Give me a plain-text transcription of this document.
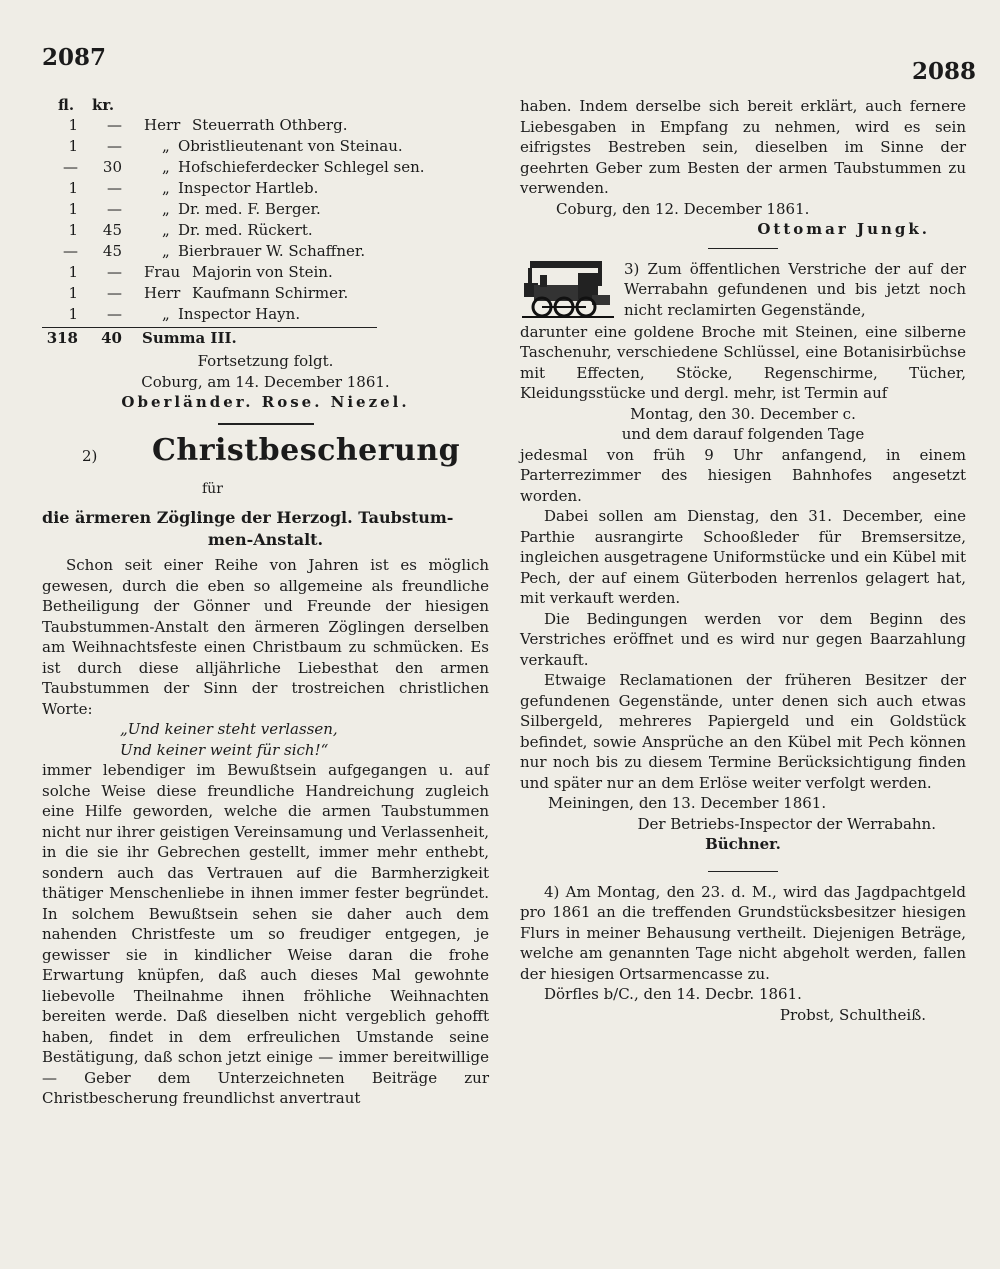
2087
2088
fl. kr.
1	— Herr Steuerrath Othberg.
1	—	„ Obristlieutenant von Steinau.
—	30	„ Hofschieferdecker Schlegel sen.
1	—	„ Inspector Hartleb.
1	—	„ Dr. med. F. Berger.
1	45	„ Dr. med. Rückert.
—	45	„ Bierbrauer W. Schaffner.
1	— Frau Majorin von Stein.
1	— Herr Kaufmann Schirmer.
1	—	„ Inspector Hayn.
318	40 Summa III.

Fortsetzung folgt.

Coburg, am 14. December 1861.

Oberländer. Rose. Niezel.

2) Christbescherung

für

die ärmeren Zöglinge der Herzogl. Taubstum-

men-Anstalt.

Schon seit einer Reihe von Jahren ist es möglich gewesen, durch die eben so allgemeine als freundliche Betheiligung der Gönner und Freunde der hiesigen Taubstummen-Anstalt den ärmeren Zöglingen derselben am Weihnachtsfeste einen Christbaum zu schmücken. Es ist durch diese alljährliche Liebesthat den armen Taubstummen der Sinn der trostreichen christlichen Worte:

„Und keiner steht verlassen,

Und keiner weint für sich!“

immer lebendiger im Bewußtsein aufgegangen u. auf solche Weise diese freundliche Handreichung zugleich eine Hilfe geworden, welche die armen Taubstummen nicht nur ihrer geistigen Vereinsamung und Verlassenheit, in die sie ihr Gebrechen gestellt, immer mehr enthebt, sondern auch das Vertrauen auf die Barmherzigkeit thätiger Menschenliebe in ihnen immer fester begründet. In solchem Bewußtsein sehen sie daher auch dem nahenden Christfeste um so freudiger entgegen, je gewisser sie in kindlicher Weise daran die frohe Erwartung knüpfen, daß auch dieses Mal gewohnte liebevolle Theilnahme ihnen fröhliche Weihnachten bereiten werde. Daß dieselben nicht vergeblich gehofft haben, findet in dem erfreulichen Umstande seine Bestätigung, daß schon jetzt einige — immer bereitwillige — Geber dem Unterzeichneten Beiträge zur Christbescherung freundlichst anvertraut

haben. Indem derselbe sich bereit erklärt, auch fernere Liebesgaben in Empfang zu nehmen, wird es sein eifrigstes Bestreben sein, dieselben im Sinne der geehrten Geber zum Besten der armen Taubstummen zu verwenden.

Coburg, den 12. December 1861.

Ottomar Jungk.

3) Zum öffentlichen Verstriche der auf der Werrabahn gefundenen und bis jetzt noch nicht reclamirten Gegenstände,

darunter eine goldene Broche mit Steinen, eine silberne Taschenuhr, verschiedene Schlüssel, eine Botanisirbüchse mit Effecten, Stöcke, Regenschirme, Tücher, Kleidungsstücke und dergl. mehr, ist Termin auf

Montag, den 30. December c.

und dem darauf folgenden Tage

jedesmal von früh 9 Uhr anfangend, in einem Parterrezimmer des hiesigen Bahnhofes angesetzt worden.

Dabei sollen am Dienstag, den 31. December, eine Parthie ausrangirte Schooßleder für Bremsersitze, ingleichen ausgetragene Uniformstücke und ein Kübel mit Pech, der auf einem Güterboden herrenlos gelagert hat, mit verkauft werden.

Die Bedingungen werden vor dem Beginn des Verstriches eröffnet und es wird nur gegen Baarzahlung verkauft.

Etwaige Reclamationen der früheren Besitzer der gefundenen Gegenstände, unter denen sich auch etwas Silbergeld, mehreres Papiergeld und ein Goldstück befindet, sowie Ansprüche an den Kübel mit Pech können nur noch bis zu diesem Termine Berücksichtigung finden und später nur an dem Erlöse weiter verfolgt werden.

Meiningen, den 13. December 1861.

Der Betriebs-Inspector der Werrabahn.

Büchner.

4) Am Montag, den 23. d. M., wird das Jagdpachtgeld pro 1861 an die treffenden Grundstücksbesitzer hiesigen Flurs in meiner Behausung vertheilt. Diejenigen Beträge, welche am genannten Tage nicht abgeholt werden, fallen der hiesigen Ortsarmencasse zu.

Dörfles b/C., den 14. Decbr. 1861.

Probst, Schultheiß.
